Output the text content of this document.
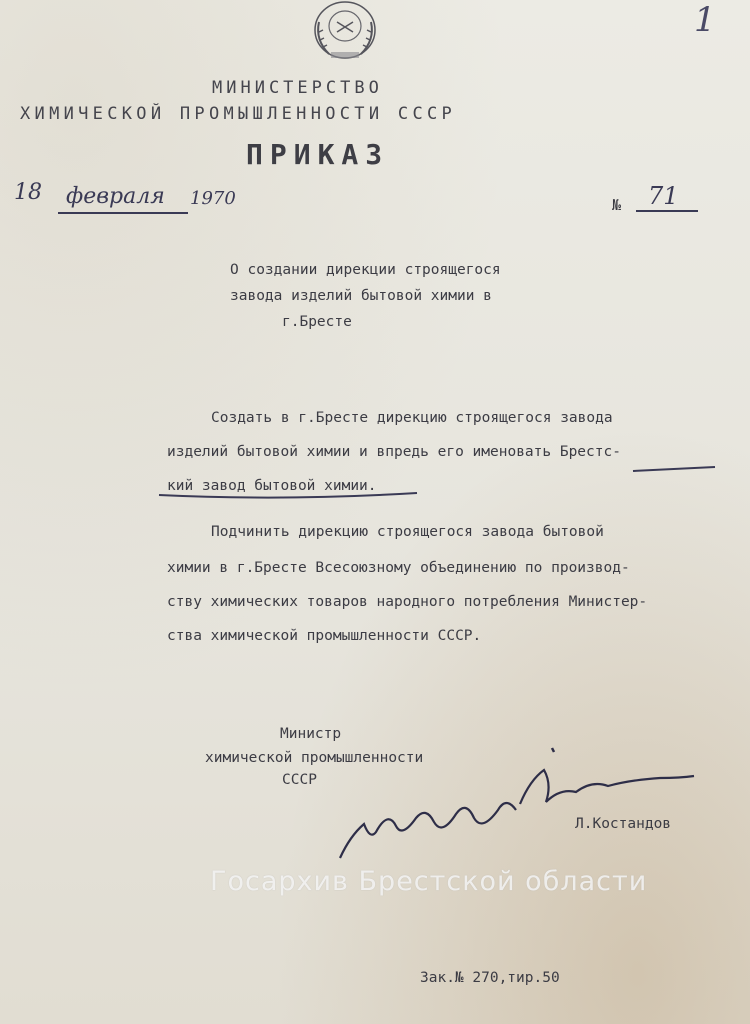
1
МИНИСТЕРСТВО
ХИМИЧЕСКОЙ ПРОМЫШЛЕННОСТИ СССР
ПРИКАЗ
18 февраля 1970	№ 71
О создании дирекции строящегося
завода изделий бытовой химии в
г.Бресте
Создать в г.Бресте дирекцию строящегося завода
изделий бытовой химии и впредь его именовать Брестс-
кий завод бытовой химии.
Подчинить дирекцию строящегося завода бытовой
химии в г.Бресте Всесоюзному объединению по производ-
ству химических товаров народного потребления Министер-
ства химической промышленности СССР.
Министр
химической промышленности
СССР
Л.Костандов
Госархив Брестской области
Зак.№ 270,тир.50
